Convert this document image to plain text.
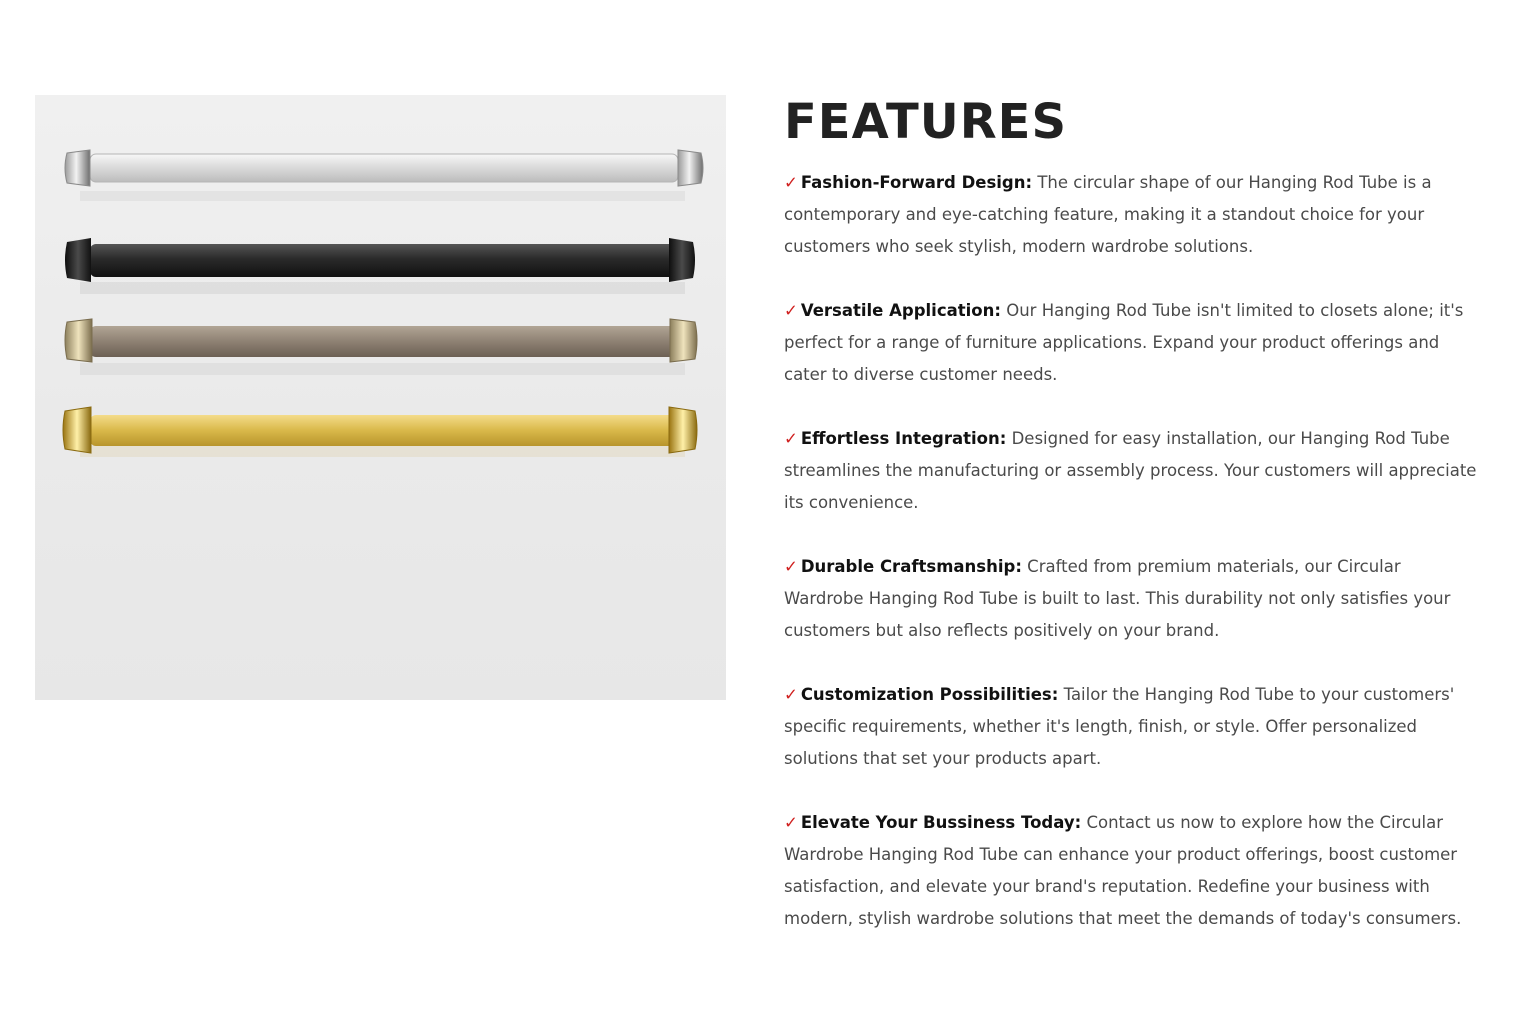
FEATURES

✓ Fashion-Forward Design: The circular shape of our Hanging Rod Tube is a contemporary and eye-catching feature, making it a standout choice for your customers who seek stylish, modern wardrobe solutions.

✓ Versatile Application: Our Hanging Rod Tube isn't limited to closets alone; it's perfect for a range of furniture applications. Expand your product offerings and cater to diverse customer needs.

✓ Effortless Integration: Designed for easy installation, our Hanging Rod Tube streamlines the manufacturing or assembly process. Your customers will appreciate its convenience.

✓ Durable Craftsmanship: Crafted from premium materials, our Circular Wardrobe Hanging Rod Tube is built to last. This durability not only satisfies your customers but also reflects positively on your brand.

✓ Customization Possibilities: Tailor the Hanging Rod Tube to your customers' specific requirements, whether it's length, finish, or style. Offer personalized solutions that set your products apart.

✓ Elevate Your Bussiness Today: Contact us now to explore how the Circular Wardrobe Hanging Rod Tube can enhance your product offerings, boost customer satisfaction, and elevate your brand's reputation. Redefine your business with modern, stylish wardrobe solutions that meet the demands of today's consumers.
